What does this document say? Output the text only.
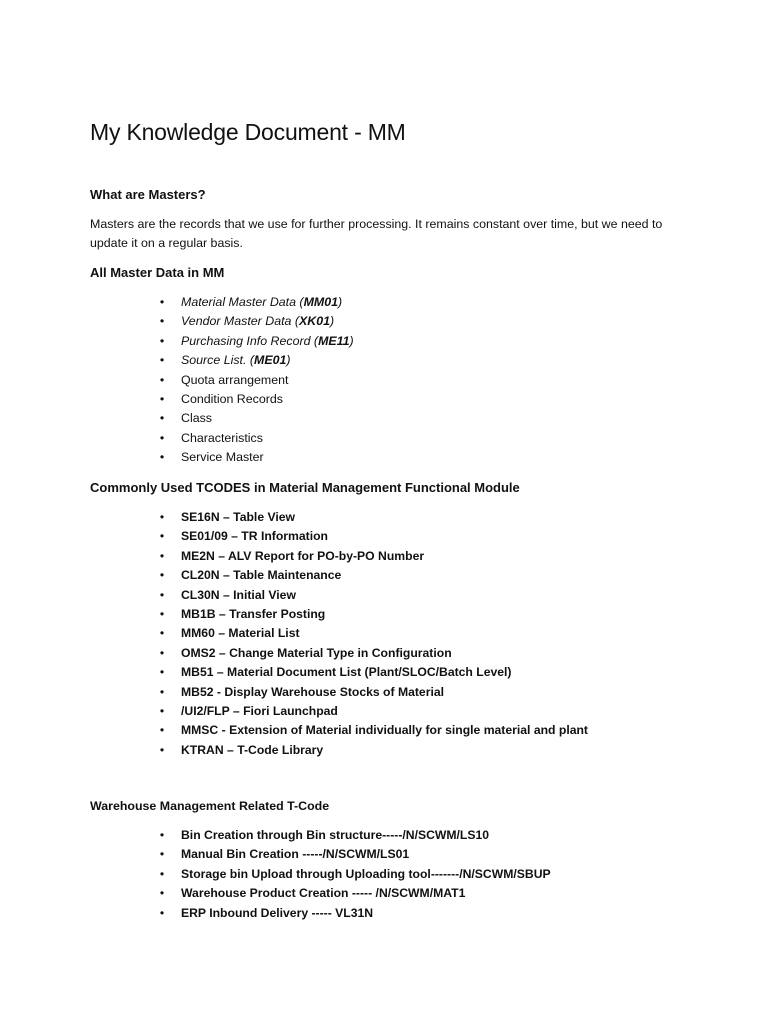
My Knowledge Document - MM
What are Masters?

Masters are the records that we use for further processing. It remains constant over time, but we need to update it on a regular basis.

All Master Data in MM
• Material Master Data (MM01)
• Vendor Master Data (XK01)
• Purchasing Info Record (ME11)
• Source List. (ME01)
• Quota arrangement
• Condition Records
• Class
• Characteristics
• Service Master
Commonly Used TCODES in Material Management Functional Module
• SE16N – Table View
• SE01/09 – TR Information
• ME2N – ALV Report for PO-by-PO Number
• CL20N – Table Maintenance
• CL30N – Initial View
• MB1B – Transfer Posting
• MM60 – Material List
• OMS2 – Change Material Type in Configuration
• MB51 – Material Document List (Plant/SLOC/Batch Level)
• MB52 - Display Warehouse Stocks of Material
• /UI2/FLP – Fiori Launchpad
• MMSC - Extension of Material individually for single material and plant
• KTRAN – T-Code Library
Warehouse Management Related T-Code
• Bin Creation through Bin structure-----/N/SCWM/LS10
• Manual Bin Creation -----/N/SCWM/LS01
• Storage bin Upload through Uploading tool-------/N/SCWM/SBUP
• Warehouse Product Creation ----- /N/SCWM/MAT1
• ERP Inbound Delivery ----- VL31N
